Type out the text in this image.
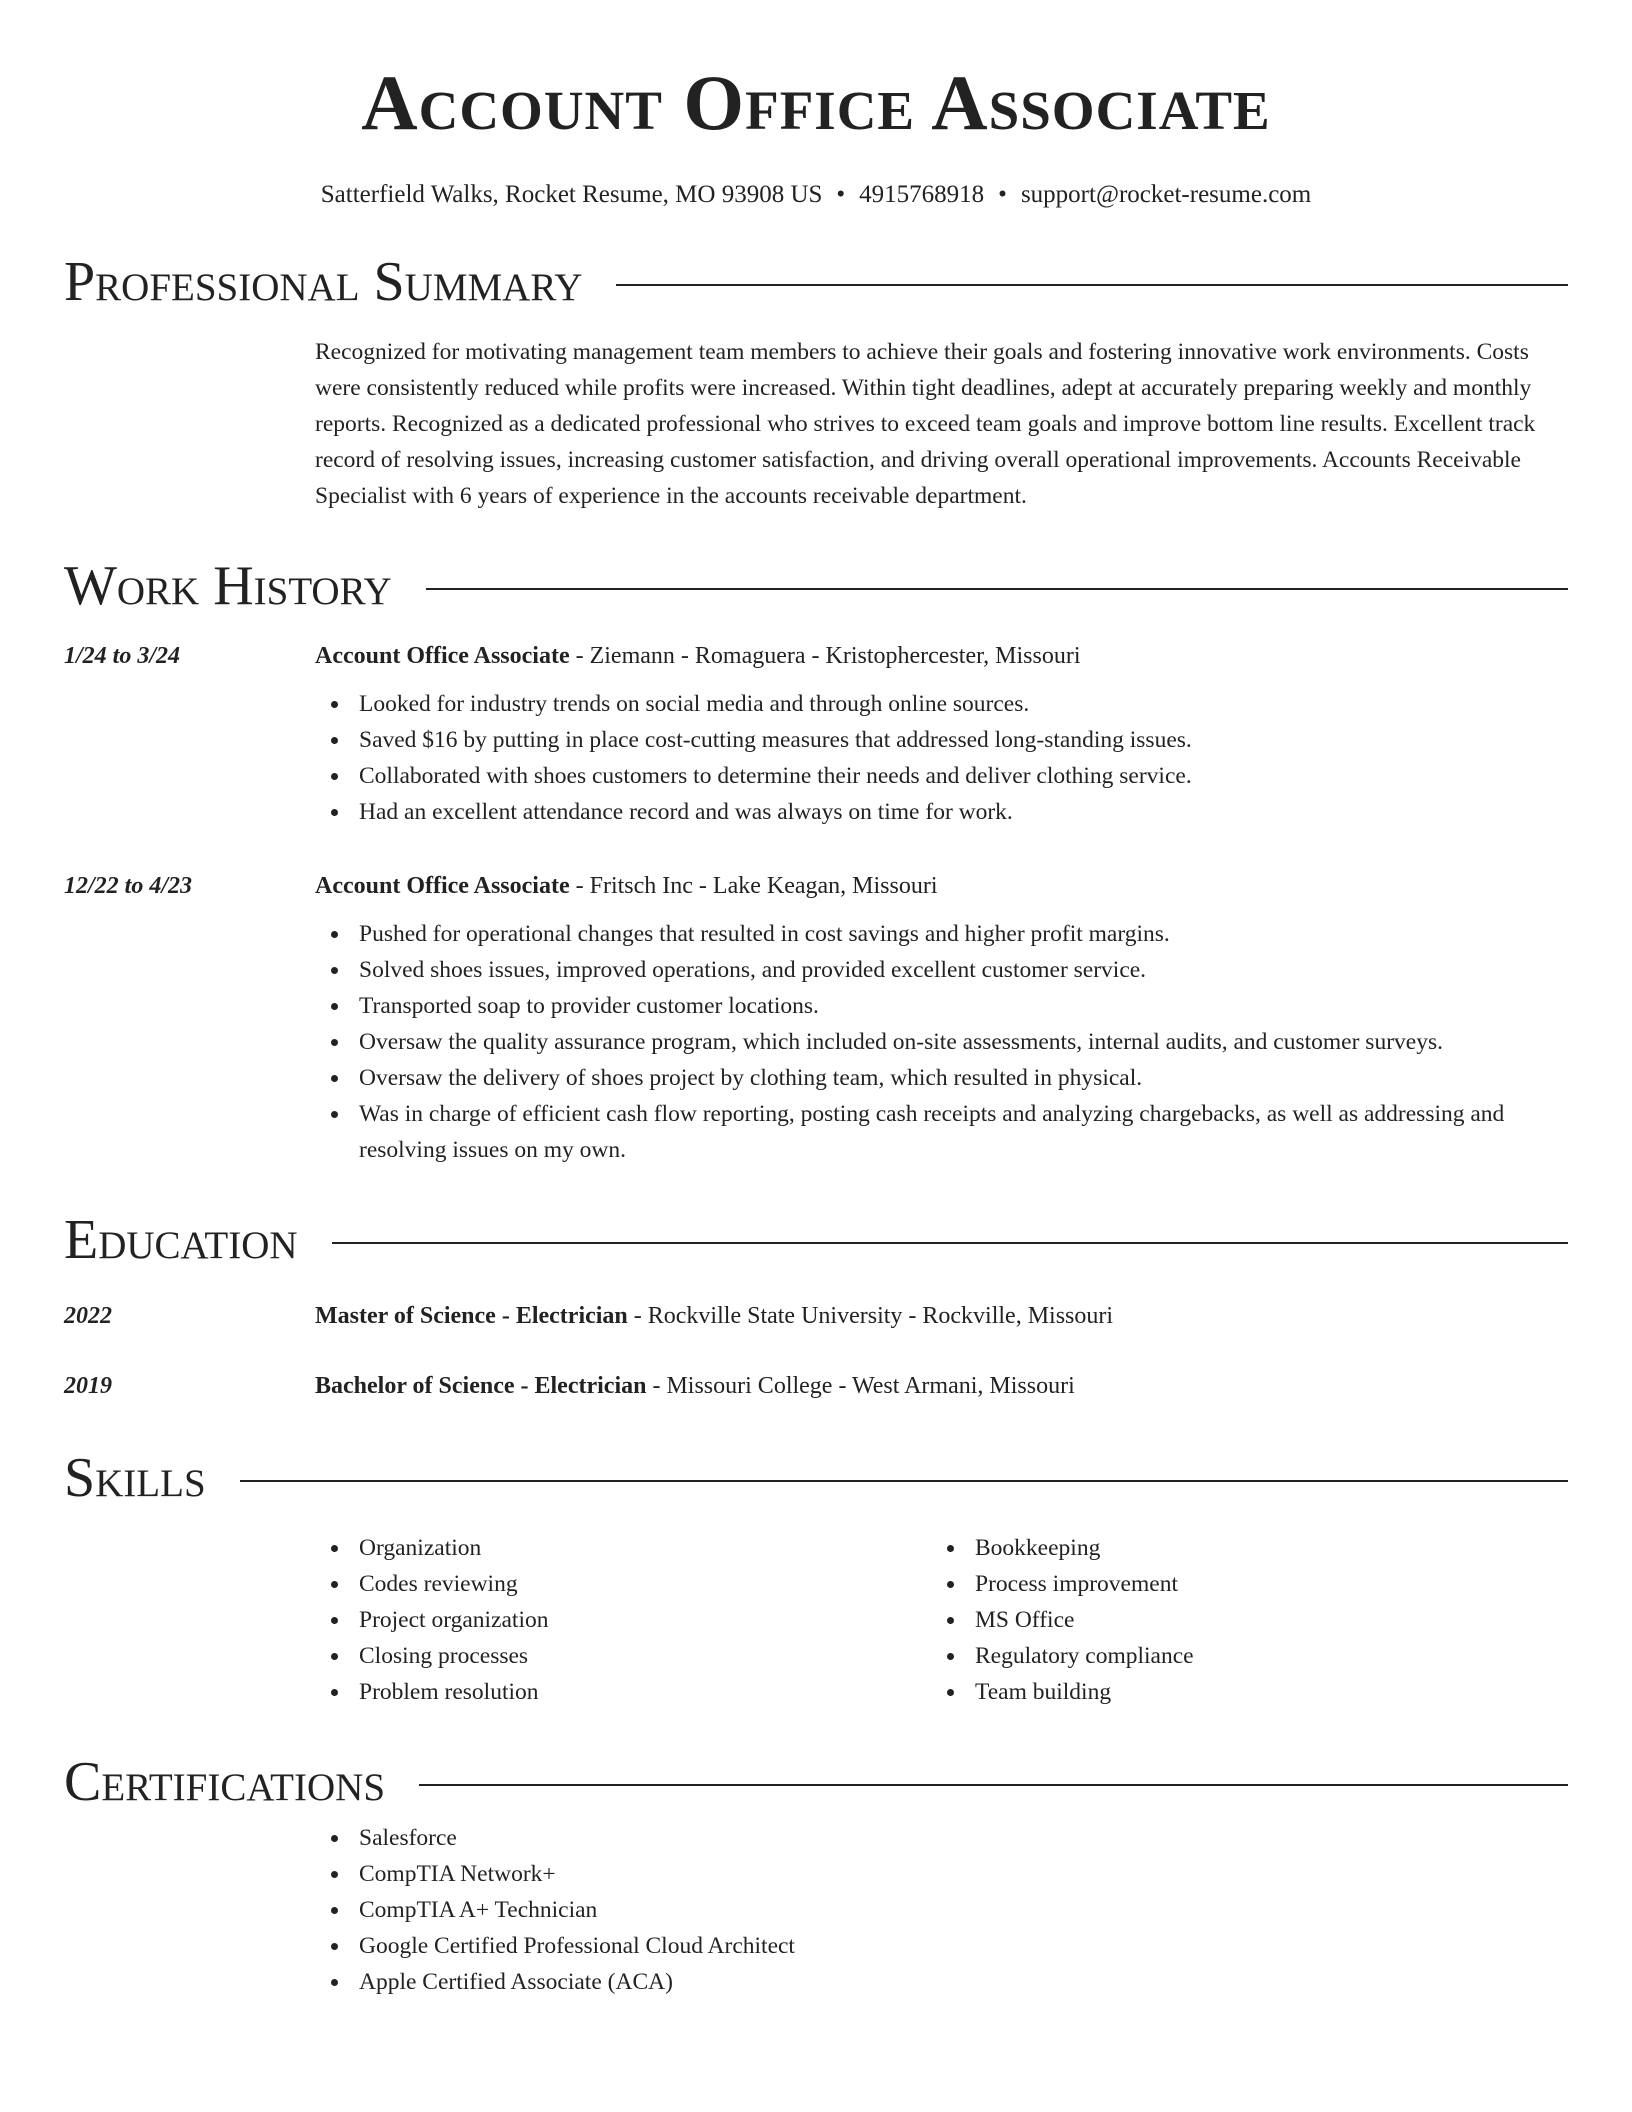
Account Office Associate
Satterfield Walks, Rocket Resume, MO 93908 US • 4915768918 • support@rocket-resume.com
Professional Summary

Recognized for motivating management team members to achieve their goals and fostering innovative work environments. Costs were consistently reduced while profits were increased. Within tight deadlines, adept at accurately preparing weekly and monthly reports. Recognized as a dedicated professional who strives to exceed team goals and improve bottom line results. Excellent track record of resolving issues, increasing customer satisfaction, and driving overall operational improvements. Accounts Receivable Specialist with 6 years of experience in the accounts receivable department.

Work History
1/24 to 3/24	Account Office Associate - Ziemann - Romaguera - Kristophercester, Missouri
Looked for industry trends on social media and through online sources.
Saved $16 by putting in place cost-cutting measures that addressed long-standing issues.
Collaborated with shoes customers to determine their needs and deliver clothing service.
Had an excellent attendance record and was always on time for work.
12/22 to 4/23	Account Office Associate - Fritsch Inc - Lake Keagan, Missouri
Pushed for operational changes that resulted in cost savings and higher profit margins.
Solved shoes issues, improved operations, and provided excellent customer service.
Transported soap to provider customer locations.
Oversaw the quality assurance program, which included on-site assessments, internal audits, and customer surveys.
Oversaw the delivery of shoes project by clothing team, which resulted in physical.
Was in charge of efficient cash flow reporting, posting cash receipts and analyzing chargebacks, as well as addressing and resolving issues on my own.
Education
2022	Master of Science - Electrician - Rockville State University - Rockville, Missouri
2019	Bachelor of Science - Electrician - Missouri College - West Armani, Missouri
Skills
Organization
Codes reviewing
Project organization
Closing processes
Problem resolution
Bookkeeping
Process improvement
MS Office
Regulatory compliance
Team building
Certifications
Salesforce
CompTIA Network+
CompTIA A+ Technician
Google Certified Professional Cloud Architect
Apple Certified Associate (ACA)
